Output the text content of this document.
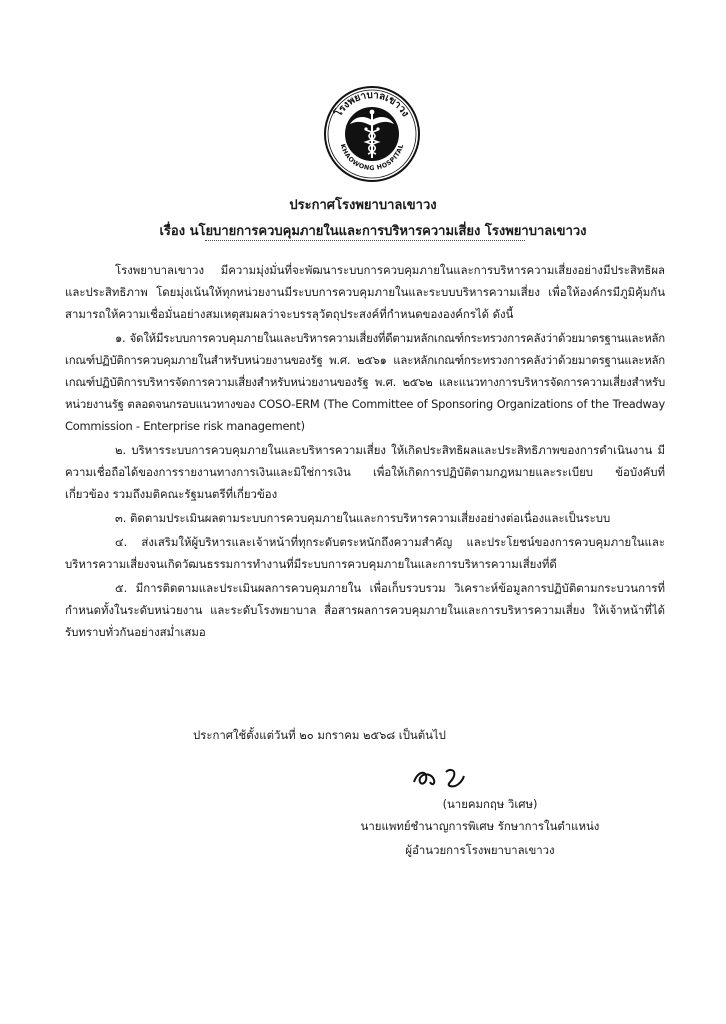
โรงพยาบาลเขาวง
KHAOWONG HOSPITAL
ประกาศโรงพยาบาลเขาวง
เรื่อง นโยบายการควบคุมภายในและการบริหารความเสี่ยง โรงพยาบาลเขาวง

โรงพยาบาลเขาวง มีความมุ่งมั่นที่จะพัฒนาระบบการควบคุมภายในและการบริหารความเสี่ยงอย่างมีประสิทธิผลและประสิทธิภาพ โดยมุ่งเน้นให้ทุกหน่วยงานมีระบบการควบคุมภายในและระบบบริหารความเสี่ยง เพื่อให้องค์กรมีภูมิคุ้มกัน สามารถให้ความเชื่อมั่นอย่างสมเหตุสมผลว่าจะบรรลุวัตถุประสงค์ที่กำหนดขององค์กรได้ ดังนี้

๑. จัดให้มีระบบการควบคุมภายในและบริหารความเสี่ยงที่ดีตามหลักเกณฑ์กระทรวงการคลังว่าด้วยมาตรฐานและหลักเกณฑ์ปฏิบัติการควบคุมภายในสำหรับหน่วยงานของรัฐ พ.ศ. ๒๕๖๑ และหลักเกณฑ์กระทรวงการคลังว่าด้วยมาตรฐานและหลักเกณฑ์ปฏิบัติการบริหารจัดการความเสี่ยงสำหรับหน่วยงานของรัฐ พ.ศ. ๒๕๖๒ และแนวทางการบริหารจัดการความเสี่ยงสำหรับหน่วยงานรัฐ ตลอดจนกรอบแนวทางของ COSO-ERM (The Committee of Sponsoring Organizations of the Treadway Commission - Enterprise risk management)

๒. บริหารระบบการควบคุมภายในและบริหารความเสี่ยง ให้เกิดประสิทธิผลและประสิทธิภาพของการดำเนินงาน มีความเชื่อถือได้ของการรายงานทางการเงินและมิใช่การเงิน เพื่อให้เกิดการปฏิบัติตามกฎหมายและระเบียบ ข้อบังคับที่เกี่ยวข้อง รวมถึงมติคณะรัฐมนตรีที่เกี่ยวข้อง

๓. ติดตามประเมินผลตามระบบการควบคุมภายในและการบริหารความเสี่ยงอย่างต่อเนื่องและเป็นระบบ

๔. ส่งเสริมให้ผู้บริหารและเจ้าหน้าที่ทุกระดับตระหนักถึงความสำคัญ และประโยชน์ของการควบคุมภายในและบริหารความเสี่ยงจนเกิดวัฒนธรรมการทำงานที่มีระบบการควบคุมภายในและการบริหารความเสี่ยงที่ดี

๕. มีการติดตามและประเมินผลการควบคุมภายใน เพื่อเก็บรวบรวม วิเคราะห์ข้อมูลการปฏิบัติตามกระบวนการที่กำหนดทั้งในระดับหน่วยงาน และระดับโรงพยาบาล สื่อสารผลการควบคุมภายในและการบริหารความเสี่ยง ให้เจ้าหน้าที่ได้รับทราบทั่วกันอย่างสม่ำเสมอ

ประกาศใช้ตั้งแต่วันที่ ๒๐ มกราคม ๒๕๖๘ เป็นต้นไป
(นายคมกฤษ วิเศษ)
นายแพทย์ชำนาญการพิเศษ รักษาการในตำแหน่ง
ผู้อำนวยการโรงพยาบาลเขาวง
